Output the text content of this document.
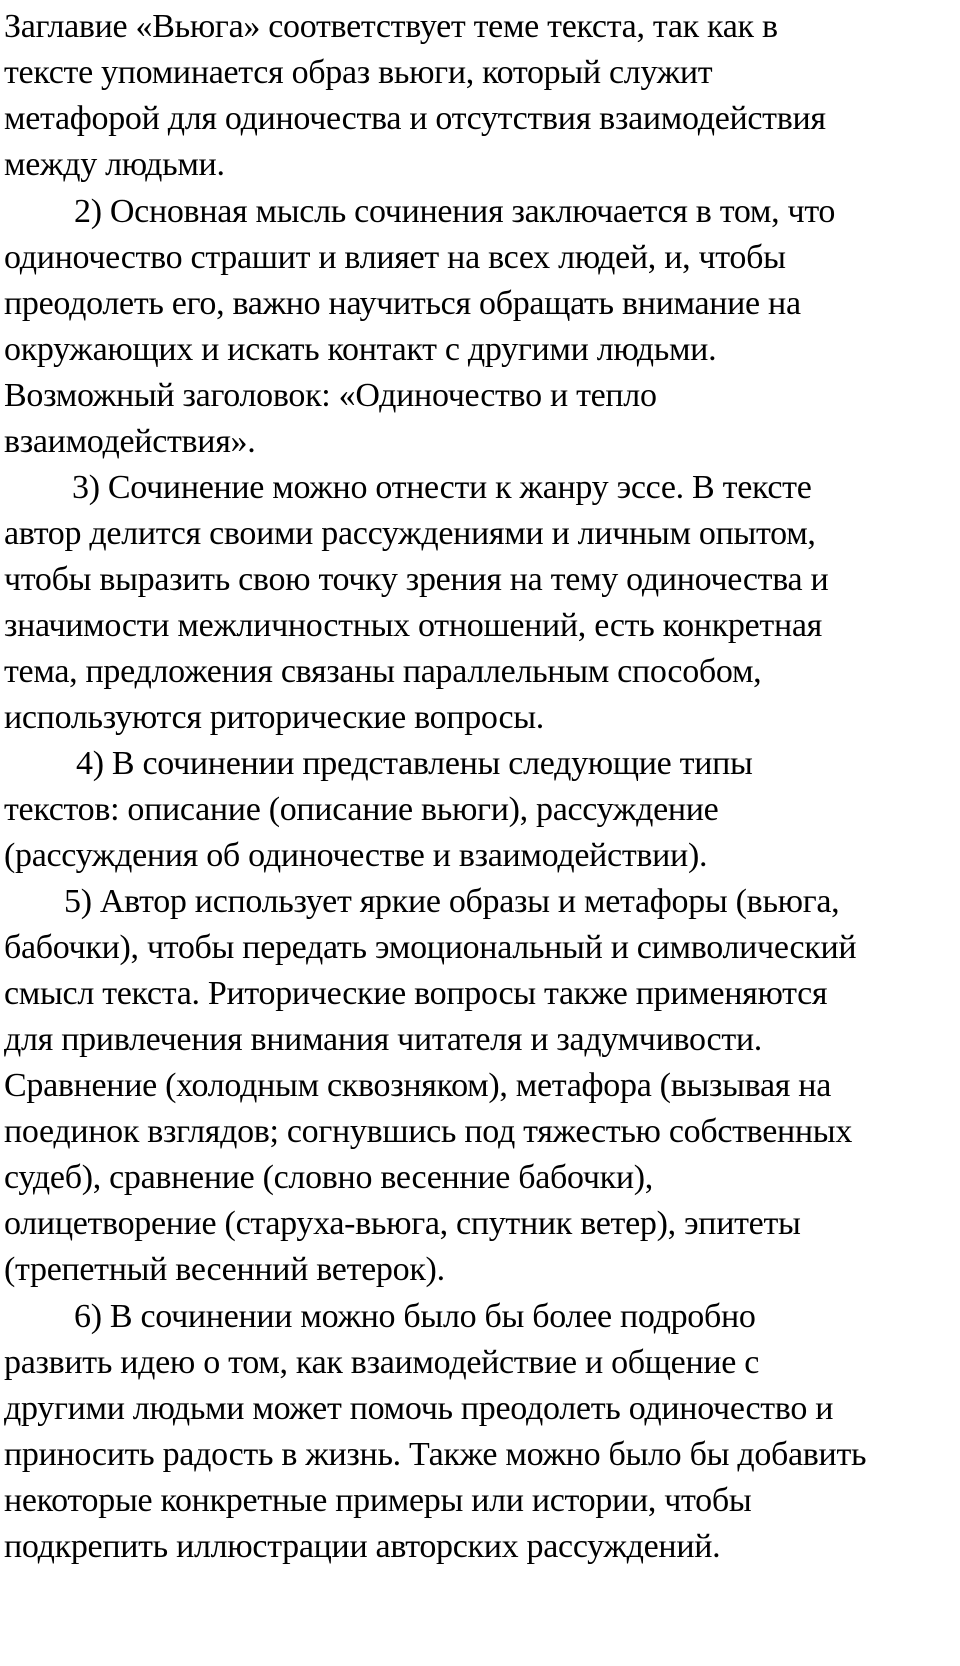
Заглавие «Вьюга» соответствует теме текста, так как в
тексте упоминается образ вьюги, который служит
метафорой для одиночества и отсутствия взаимодействия
между людьми.
2) Основная мысль сочинения заключается в том, что
одиночество страшит и влияет на всех людей, и, чтобы
преодолеть его, важно научиться обращать внимание на
окружающих и искать контакт с другими людьми.
Возможный заголовок: «Одиночество и тепло
взаимодействия».
3) Сочинение можно отнести к жанру эссе. В тексте
автор делится своими рассуждениями и личным опытом,
чтобы выразить свою точку зрения на тему одиночества и
значимости межличностных отношений, есть конкретная
тема, предложения связаны параллельным способом,
используются риторические вопросы.
4) В сочинении представлены следующие типы
текстов: описание (описание вьюги), рассуждение
(рассуждения об одиночестве и взаимодействии).
5) Автор использует яркие образы и метафоры (вьюга,
бабочки), чтобы передать эмоциональный и символический
смысл текста. Риторические вопросы также применяются
для привлечения внимания читателя и задумчивости.
Сравнение (холодным сквозняком), метафора (вызывая на
поединок взглядов; согнувшись под тяжестью собственных
судеб), сравнение (словно весенние бабочки),
олицетворение (старуха-вьюга, спутник ветер), эпитеты
(трепетный весенний ветерок).
6) В сочинении можно было бы более подробно
развить идею о том, как взаимодействие и общение с
другими людьми может помочь преодолеть одиночество и
приносить радость в жизнь. Также можно было бы добавить
некоторые конкретные примеры или истории, чтобы
подкрепить иллюстрации авторских рассуждений.
